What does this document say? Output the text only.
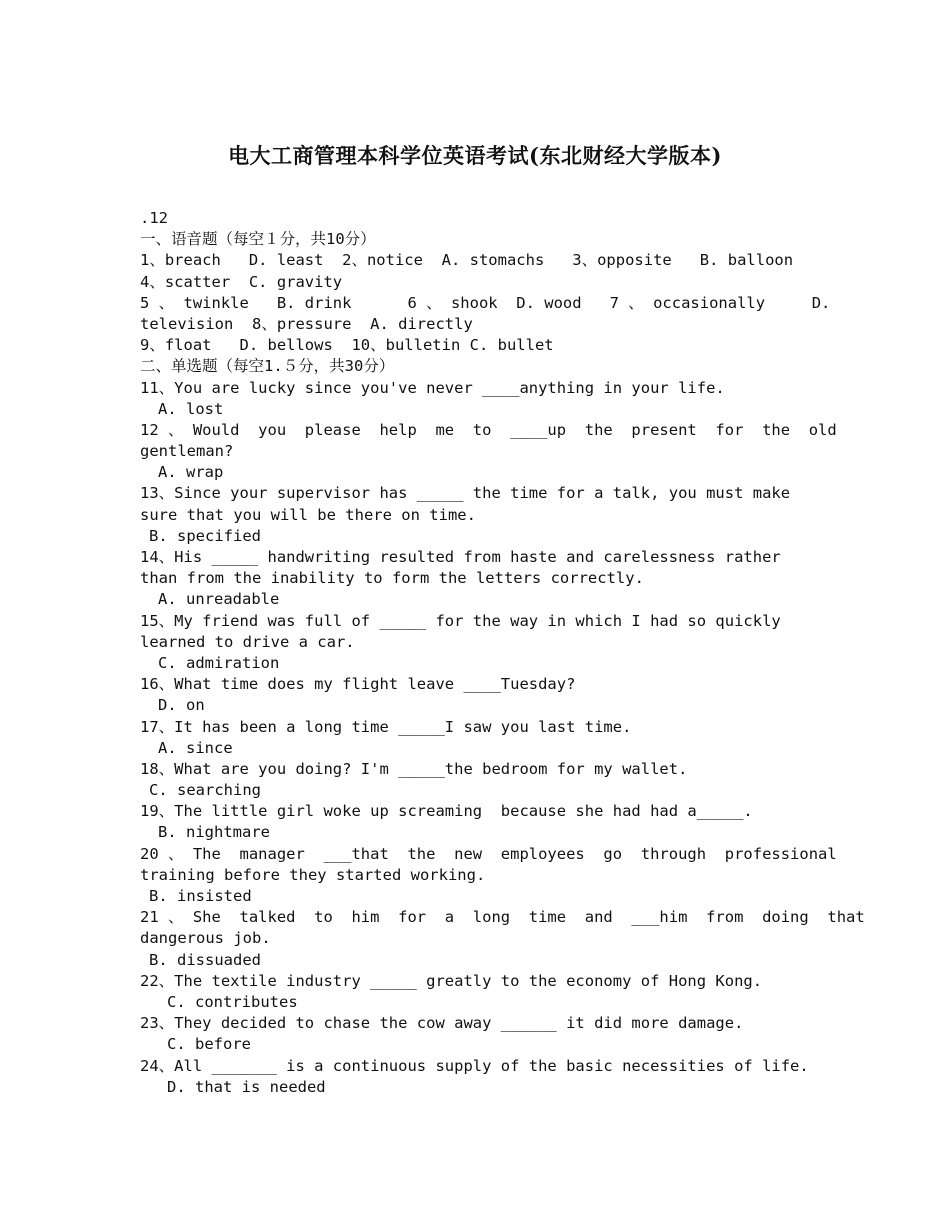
电大工商管理本科学位英语考试(东北财经大学版本)
.12
一、语音题（每空１分，共10分）
1、breach   D. least  2、notice  A. stomachs   3、opposite   B. balloon
4、scatter  C. gravity
5 、 twinkle   B. drink      6 、 shook  D. wood   7 、 occasionally     D.
television  8、pressure  A. directly
9、float   D. bellows  10、bulletin C. bullet
二、单选题（每空1.５分，共30分）
11、You are lucky since you've never ____anything in your life.
A. lost
12 、 Would  you  please  help  me  to  ____up  the  present  for  the  old
gentleman?
A. wrap
13、Since your supervisor has _____ the time for a talk, you must make
sure that you will be there on time.
B. specified
14、His _____ handwriting resulted from haste and carelessness rather
than from the inability to form the letters correctly.
A. unreadable
15、My friend was full of _____ for the way in which I had so quickly
learned to drive a car.
C. admiration
16、What time does my flight leave ____Tuesday?
D. on
17、It has been a long time _____I saw you last time.
A. since
18、What are you doing? I'm _____the bedroom for my wallet.
C. searching
19、The little girl woke up screaming  because she had had a_____.
B. nightmare
20 、 The  manager  ___that  the  new  employees  go  through  professional
training before they started working.
B. insisted
21 、 She  talked  to  him  for  a  long  time  and  ___him  from  doing  that
dangerous job.
B. dissuaded
22、The textile industry _____ greatly to the economy of Hong Kong.
C. contributes
23、They decided to chase the cow away ______ it did more damage.
C. before
24、All _______ is a continuous supply of the basic necessities of life.
D. that is needed
